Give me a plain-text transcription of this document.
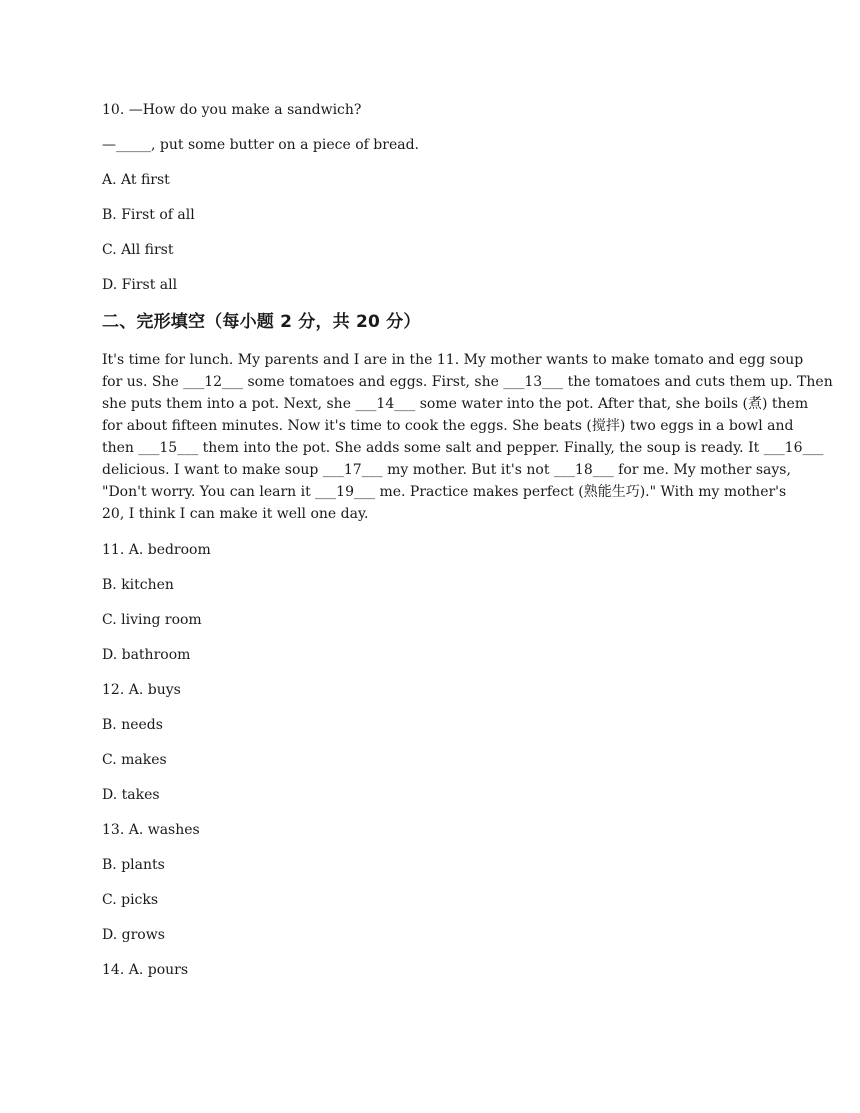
10. —How do you make a sandwich?
—_____, put some butter on a piece of bread.
A. At first
B. First of all
C. All first
D. First all
二、完形填空（每小题 2 分，共 20 分）
It's time for lunch. My parents and I are in the 11. My mother wants to make tomato and egg soup
for us. She ___12___ some tomatoes and eggs. First, she ___13___ the tomatoes and cuts them up. Then
she puts them into a pot. Next, she ___14___ some water into the pot. After that, she boils (煮) them
for about fifteen minutes. Now it's time to cook the eggs. She beats (搅拌) two eggs in a bowl and
then ___15___ them into the pot. She adds some salt and pepper. Finally, the soup is ready. It ___16___
delicious. I want to make soup ___17___ my mother. But it's not ___18___ for me. My mother says,
"Don't worry. You can learn it ___19___ me. Practice makes perfect (熟能生巧)." With my mother's
20, I think I can make it well one day.
11. A. bedroom
B. kitchen
C. living room
D. bathroom
12. A. buys
B. needs
C. makes
D. takes
13. A. washes
B. plants
C. picks
D. grows
14. A. pours
